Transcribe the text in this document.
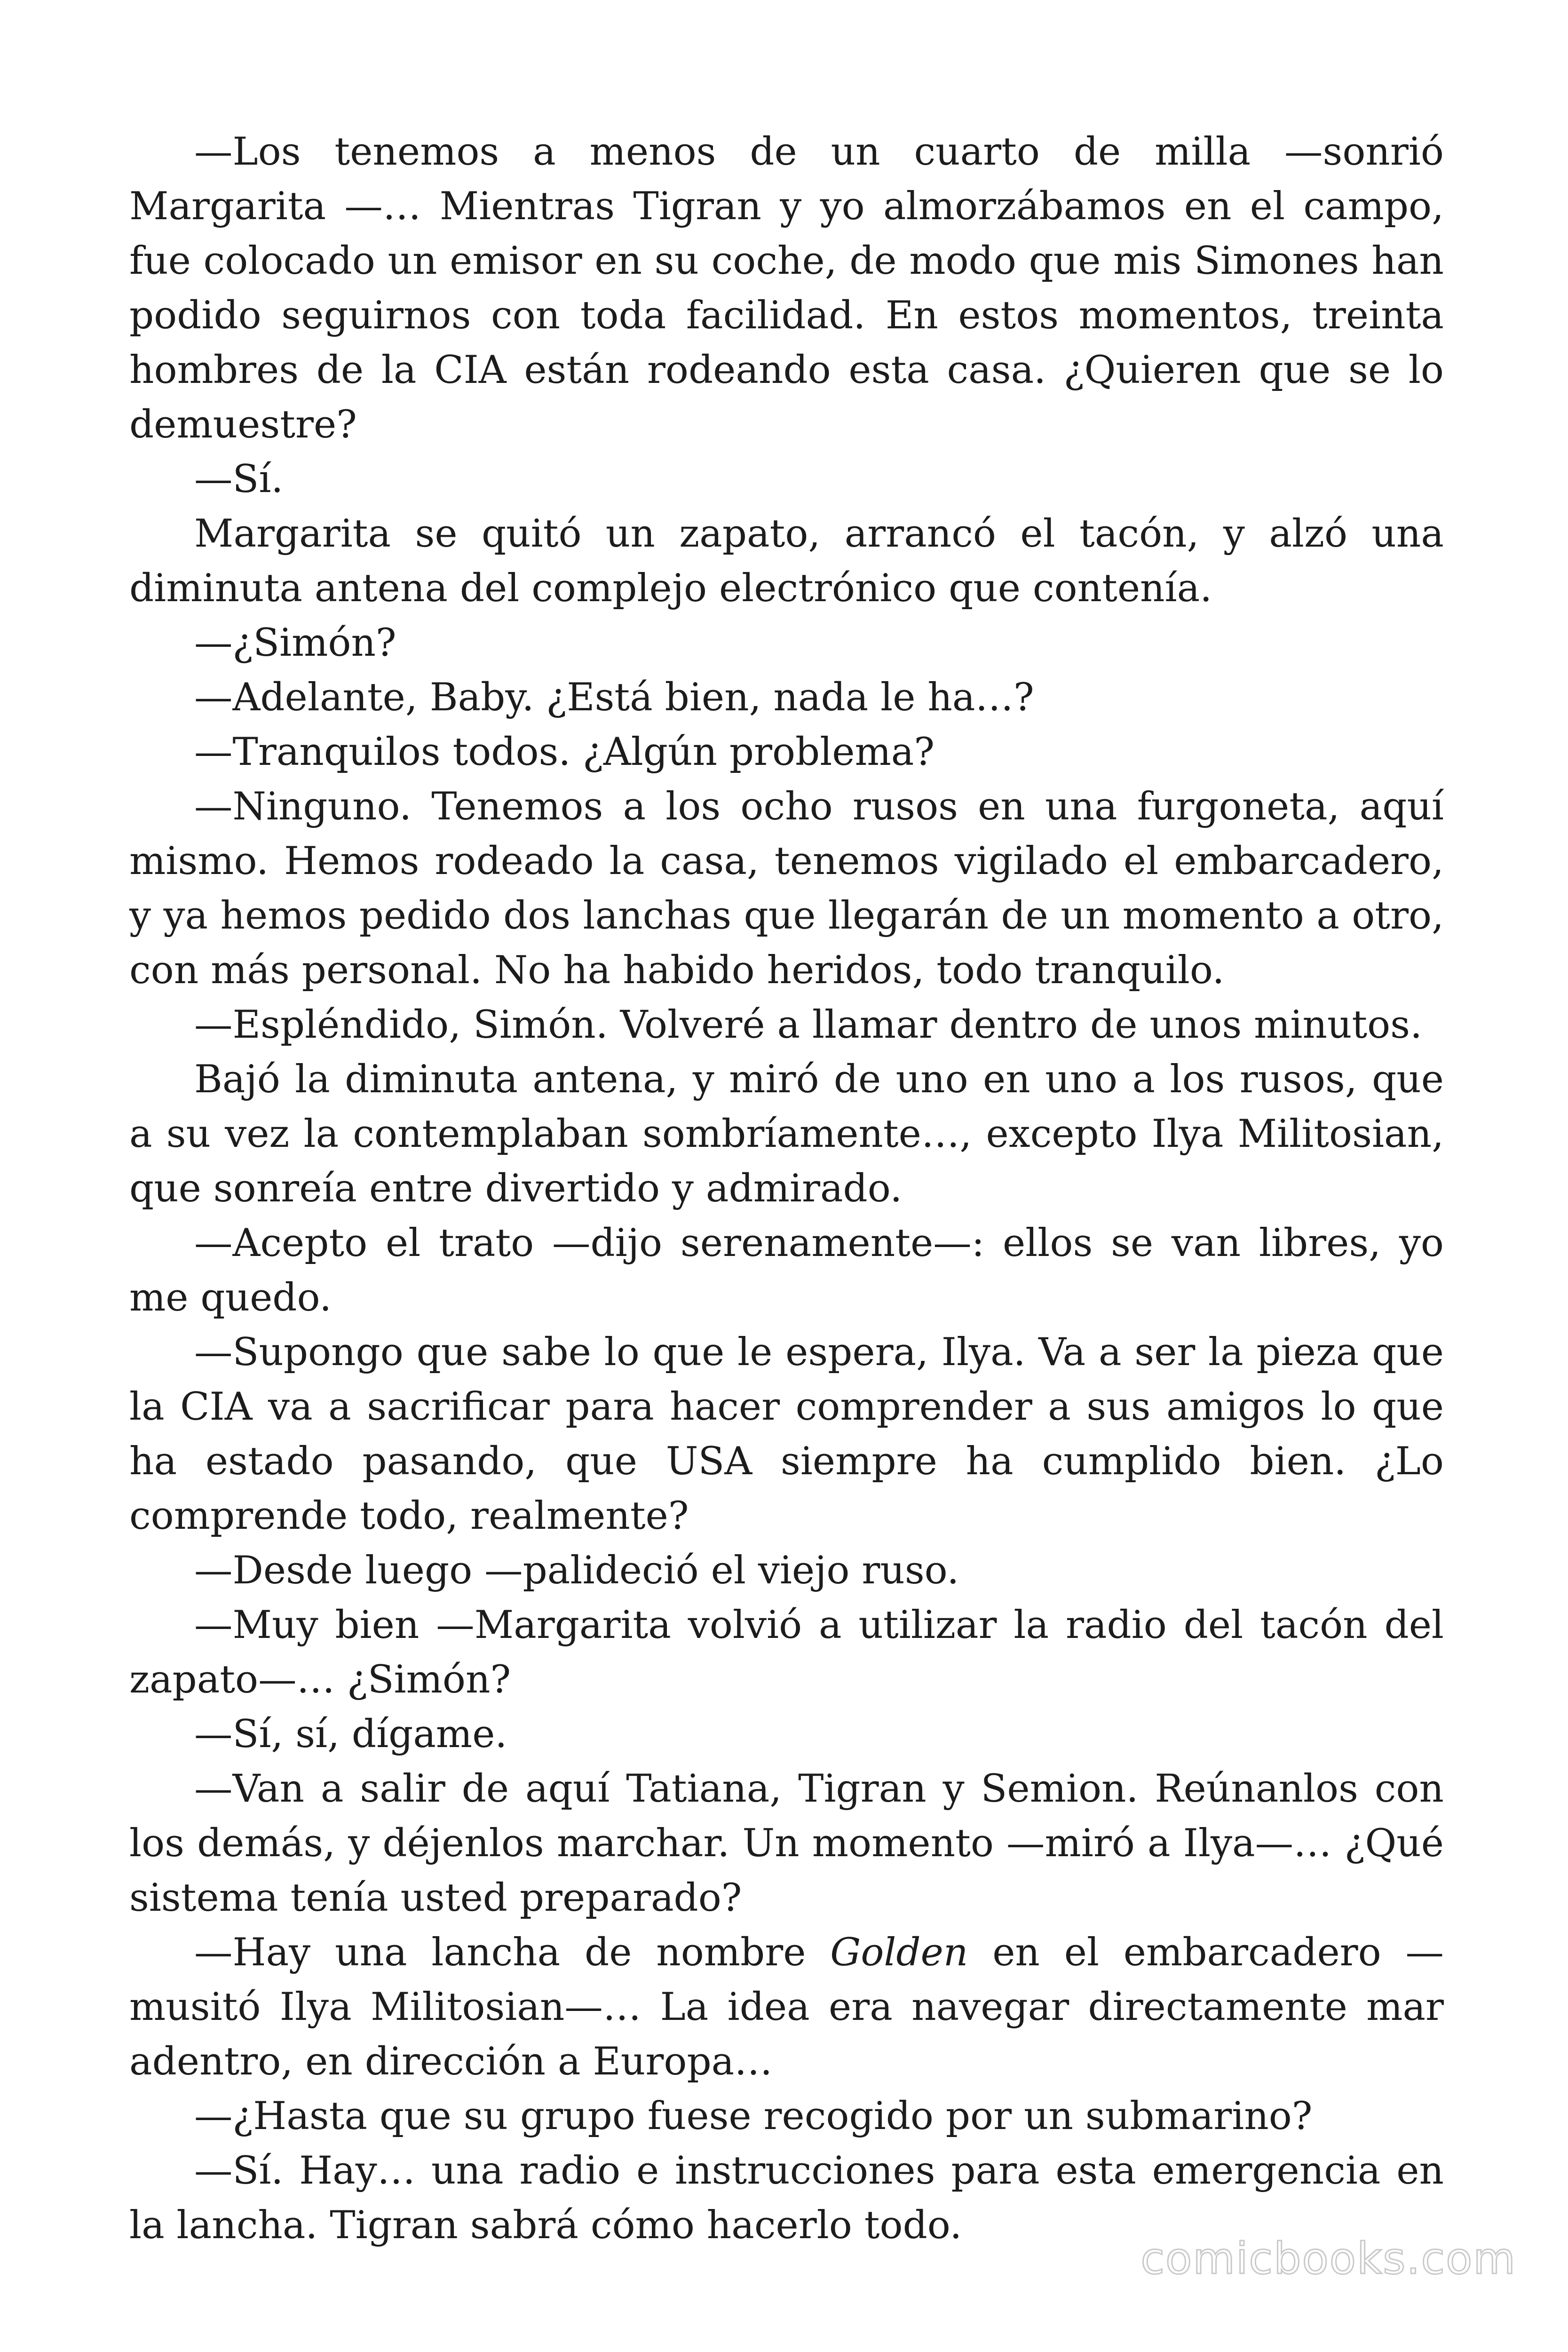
—Los tenemos a menos de un cuarto de milla —sonrió Margarita —… Mientras Tigran y yo almorzábamos en el campo, fue colocado un emisor en su coche, de modo que mis Simones han podido seguirnos con toda facilidad. En estos momentos, treinta hombres de la CIA están rodeando esta casa. ¿Quieren que se lo demuestre?

—Sí.

Margarita se quitó un zapato, arrancó el tacón, y alzó una diminuta antena del complejo electrónico que contenía.

—¿Simón?

—Adelante, Baby. ¿Está bien, nada le ha…?

—Tranquilos todos. ¿Algún problema?

—Ninguno. Tenemos a los ocho rusos en una furgoneta, aquí mismo. Hemos rodeado la casa, tenemos vigilado el embarcadero, y ya hemos pedido dos lanchas que llegarán de un momento a otro, con más personal. No ha habido heridos, todo tranquilo.

—Espléndido, Simón. Volveré a llamar dentro de unos minutos.

Bajó la diminuta antena, y miró de uno en uno a los rusos, que a su vez la contemplaban sombríamente…, excepto Ilya Militosian, que sonreía entre divertido y admirado.

—Acepto el trato —dijo serenamente—: ellos se van libres, yo me quedo.

—Supongo que sabe lo que le espera, Ilya. Va a ser la pieza que la CIA va a sacrificar para hacer comprender a sus amigos lo que ha estado pasando, que USA siempre ha cumplido bien. ¿Lo comprende todo, realmente?

—Desde luego —palideció el viejo ruso.

—Muy bien —Margarita volvió a utilizar la radio del tacón del zapato—… ¿Simón?

—Sí, sí, dígame.

—Van a salir de aquí Tatiana, Tigran y Semion. Reúnanlos con los demás, y déjenlos marchar. Un momento —miró a Ilya—… ¿Qué sistema tenía usted preparado?

—Hay una lancha de nombre Golden en el embarcadero —musitó Ilya Militosian—… La idea era navegar directamente mar adentro, en dirección a Europa…

—¿Hasta que su grupo fuese recogido por un submarino?

—Sí. Hay… una radio e instrucciones para esta emergencia en la lancha. Tigran sabrá cómo hacerlo todo.

comicbooks.com
